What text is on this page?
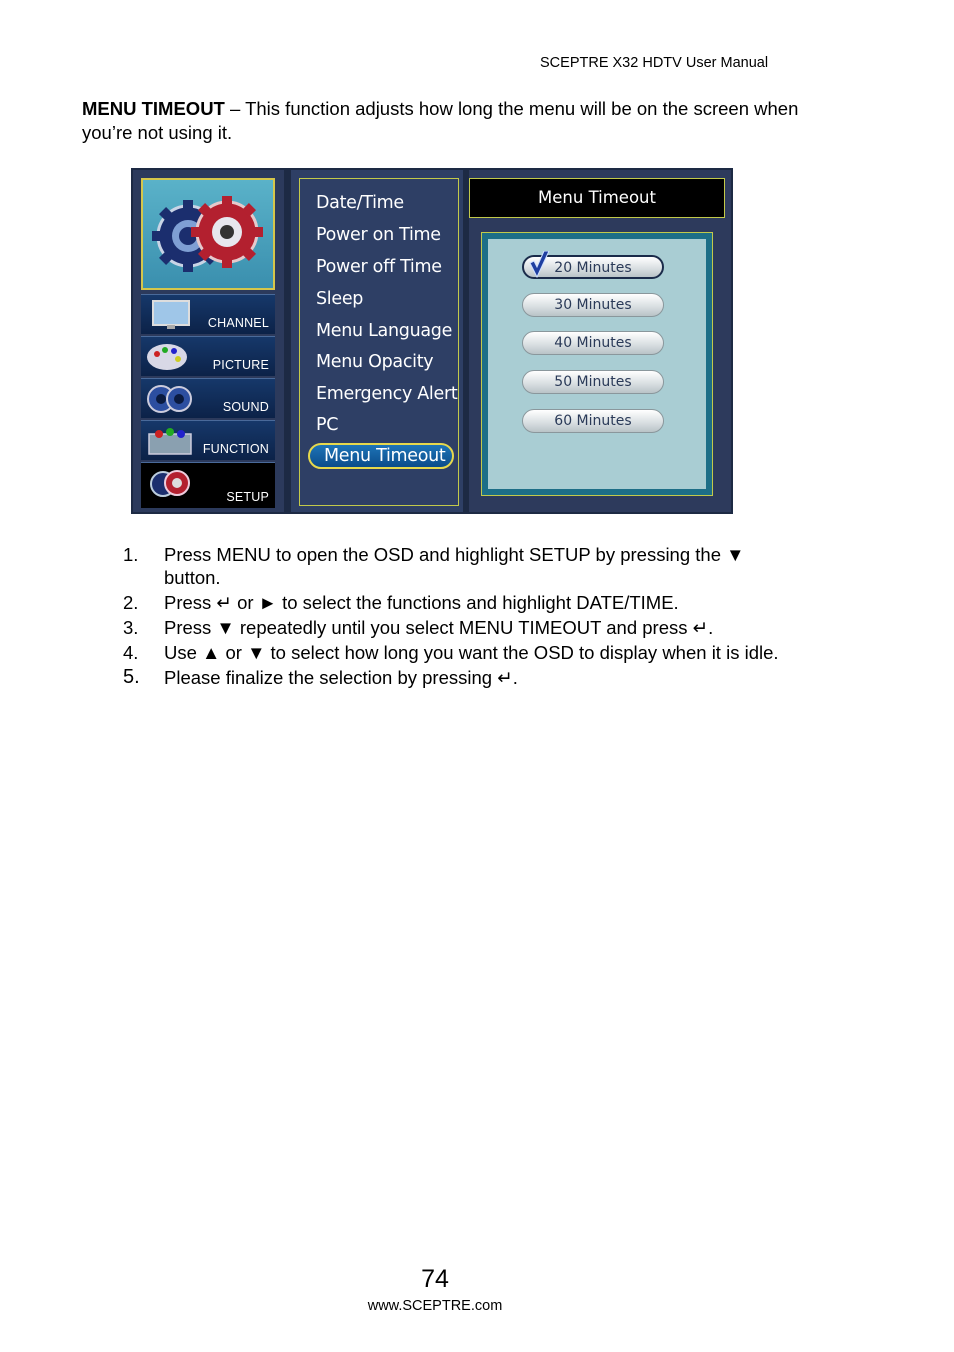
SCEPTRE X32 HDTV User Manual
MENU TIMEOUT – This function adjusts how long the menu will be on the screen when you’re not using it.
CHANNEL
PICTURE
SOUND
FUNCTION
SETUP
Date/Time
Power on Time
Power off Time
Sleep
Menu Language
Menu Opacity
Emergency Alert
PC
Menu Timeout
Menu Timeout
20 Minutes
30 Minutes
40 Minutes
50 Minutes
60 Minutes
1. Press MENU to open the OSD and highlight SETUP by pressing the ▼ button.

2. Press ↵ or ► to select the functions and highlight DATE/TIME.

3. Press ▼ repeatedly until you select MENU TIMEOUT and press ↵.

4. Use ▲ or ▼ to select how long you want the OSD to display when it is idle.

5. Please finalize the selection by pressing ↵.

74
www.SCEPTRE.com
